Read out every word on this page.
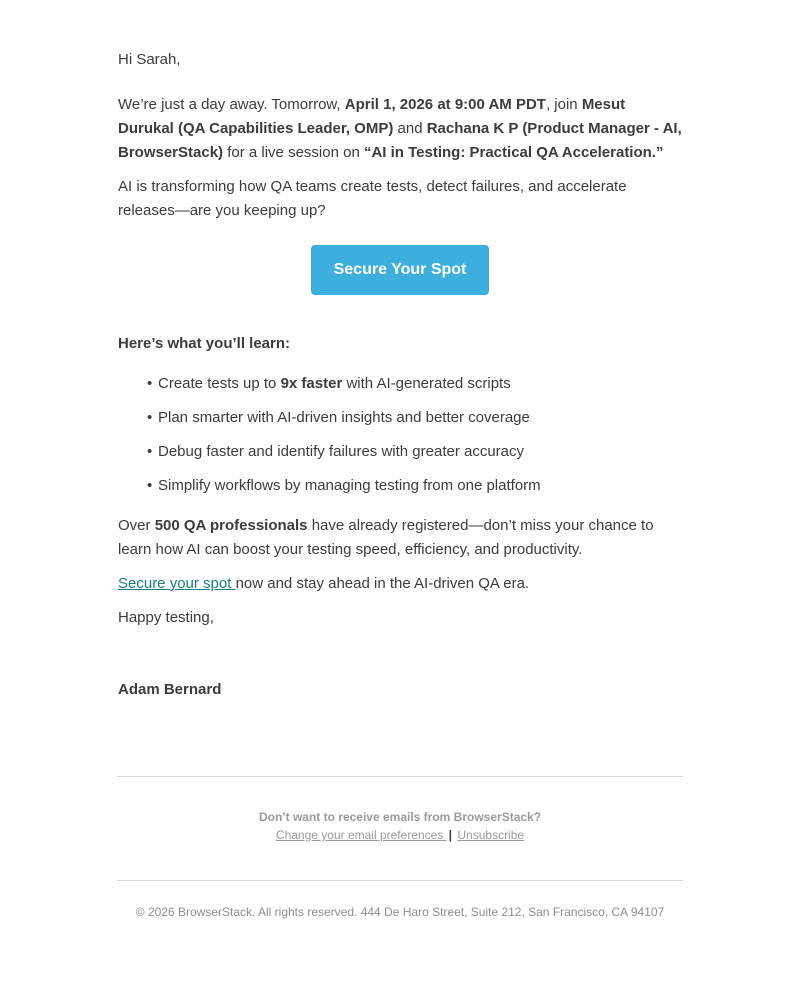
Hi Sarah,

We’re just a day away. Tomorrow, April 1, 2026 at 9:00 AM PDT, join Mesut Durukal (QA Capabilities Leader, OMP) and Rachana K P (Product Manager - AI, BrowserStack) for a live session on “AI in Testing: Practical QA Acceleration.”

AI is transforming how QA teams create tests, detect failures, and accelerate releases—are you keeping up?

Secure Your Spot

Here’s what you’ll learn:

• Create tests up to 9x faster with AI-generated scripts
• Plan smarter with AI-driven insights and better coverage
• Debug faster and identify failures with greater accuracy
• Simplify workflows by managing testing from one platform

Over 500 QA professionals have already registered—don’t miss your chance to learn how AI can boost your testing speed, efficiency, and productivity.

Secure your spot now and stay ahead in the AI-driven QA era.

Happy testing,

Adam Bernard

Don’t want to receive emails from BrowserStack?

Change your email preferences | Unsubscribe

© 2026 BrowserStack. All rights reserved. 444 De Haro Street, Suite 212, San Francisco, CA 94107
